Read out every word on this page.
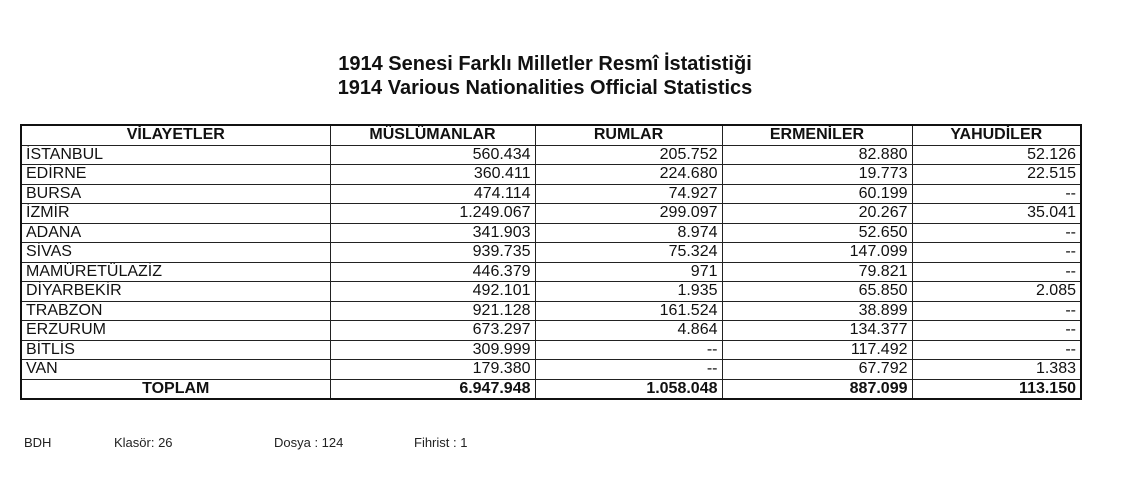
1914 Senesi Farklı Milletler Resmî İstatistiği
1914 Various Nationalities Official Statistics
VİLAYETLER	MÜSLÜMANLAR	RUMLAR	ERMENİLER	YAHUDİLER
İSTANBUL	560.434	205.752	82.880	52.126
EDİRNE	360.411	224.680	19.773	22.515
BURSA	474.114	74.927	60.199	--
İZMİR	1.249.067	299.097	20.267	35.041
ADANA	341.903	8.974	52.650	--
SİVAS	939.735	75.324	147.099	--
MAMÜRETÜLAZİZ	446.379	971	79.821	--
DİYARBEKİR	492.101	1.935	65.850	2.085
TRABZON	921.128	161.524	38.899	--
ERZURUM	673.297	4.864	134.377	--
BİTLİS	309.999	--	117.492	--
VAN	179.380	--	67.792	1.383
TOPLAM	6.947.948	1.058.048	887.099	113.150
BDH	Klasör: 26	Dosya : 124	Fihrist : 1
